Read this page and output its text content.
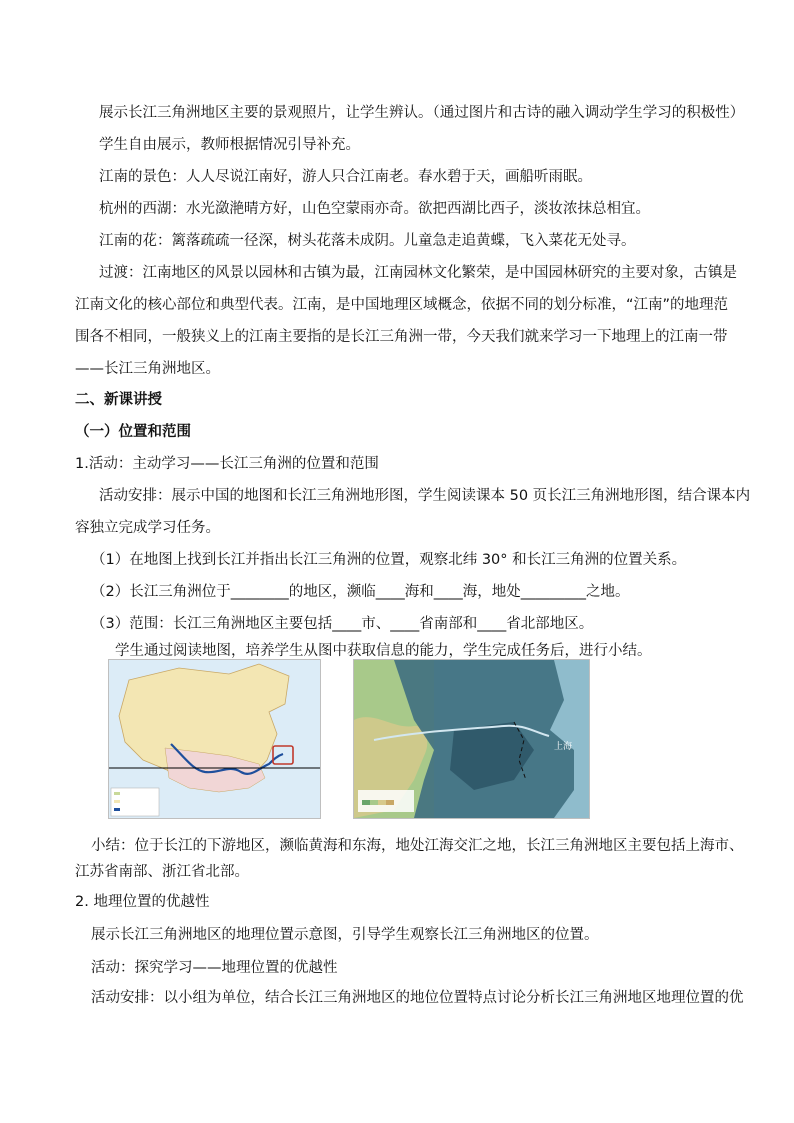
展示长江三角洲地区主要的景观照片，让学生辨认。（通过图片和古诗的融入调动学生学习的积极性）
学生自由展示，教师根据情况引导补充。
江南的景色：人人尽说江南好，游人只合江南老。春水碧于天，画船听雨眠。
杭州的西湖：水光潋滟晴方好，山色空蒙雨亦奇。欲把西湖比西子，淡妆浓抹总相宜。
江南的花：篱落疏疏一径深，树头花落未成阴。儿童急走追黄蝶，飞入菜花无处寻。
过渡：江南地区的风景以园林和古镇为最，江南园林文化繁荣，是中国园林研究的主要对象，古镇是
江南文化的核心部位和典型代表。江南，是中国地理区域概念，依据不同的划分标准，“江南”的地理范
围各不相同，一般狭义上的江南主要指的是长江三角洲一带，今天我们就来学习一下地理上的江南一带
——长江三角洲地区。
二、新课讲授
（一）位置和范围
1.活动：主动学习——长江三角洲的位置和范围
活动安排：展示中国的地图和长江三角洲地形图，学生阅读课本 50 页长江三角洲地形图，结合课本内
容独立完成学习任务。
（1）在地图上找到长江并指出长江三角洲的位置，观察北纬 30° 和长江三角洲的位置关系。
（2）长江三角洲位于________的地区，濒临____海和____海，地处_________之地。
（3）范围：长江三角洲地区主要包括____市、____省南部和____省北部地区。
学生通过阅读地图，培养学生从图中获取信息的能力，学生完成任务后，进行小结。
上海
小结：位于长江的下游地区，濒临黄海和东海，地处江海交汇之地，长江三角洲地区主要包括上海市、
江苏省南部、浙江省北部。
2. 地理位置的优越性
展示长江三角洲地区的地理位置示意图，引导学生观察长江三角洲地区的位置。
活动：探究学习——地理位置的优越性
活动安排：以小组为单位，结合长江三角洲地区的地位位置特点讨论分析长江三角洲地区地理位置的优
